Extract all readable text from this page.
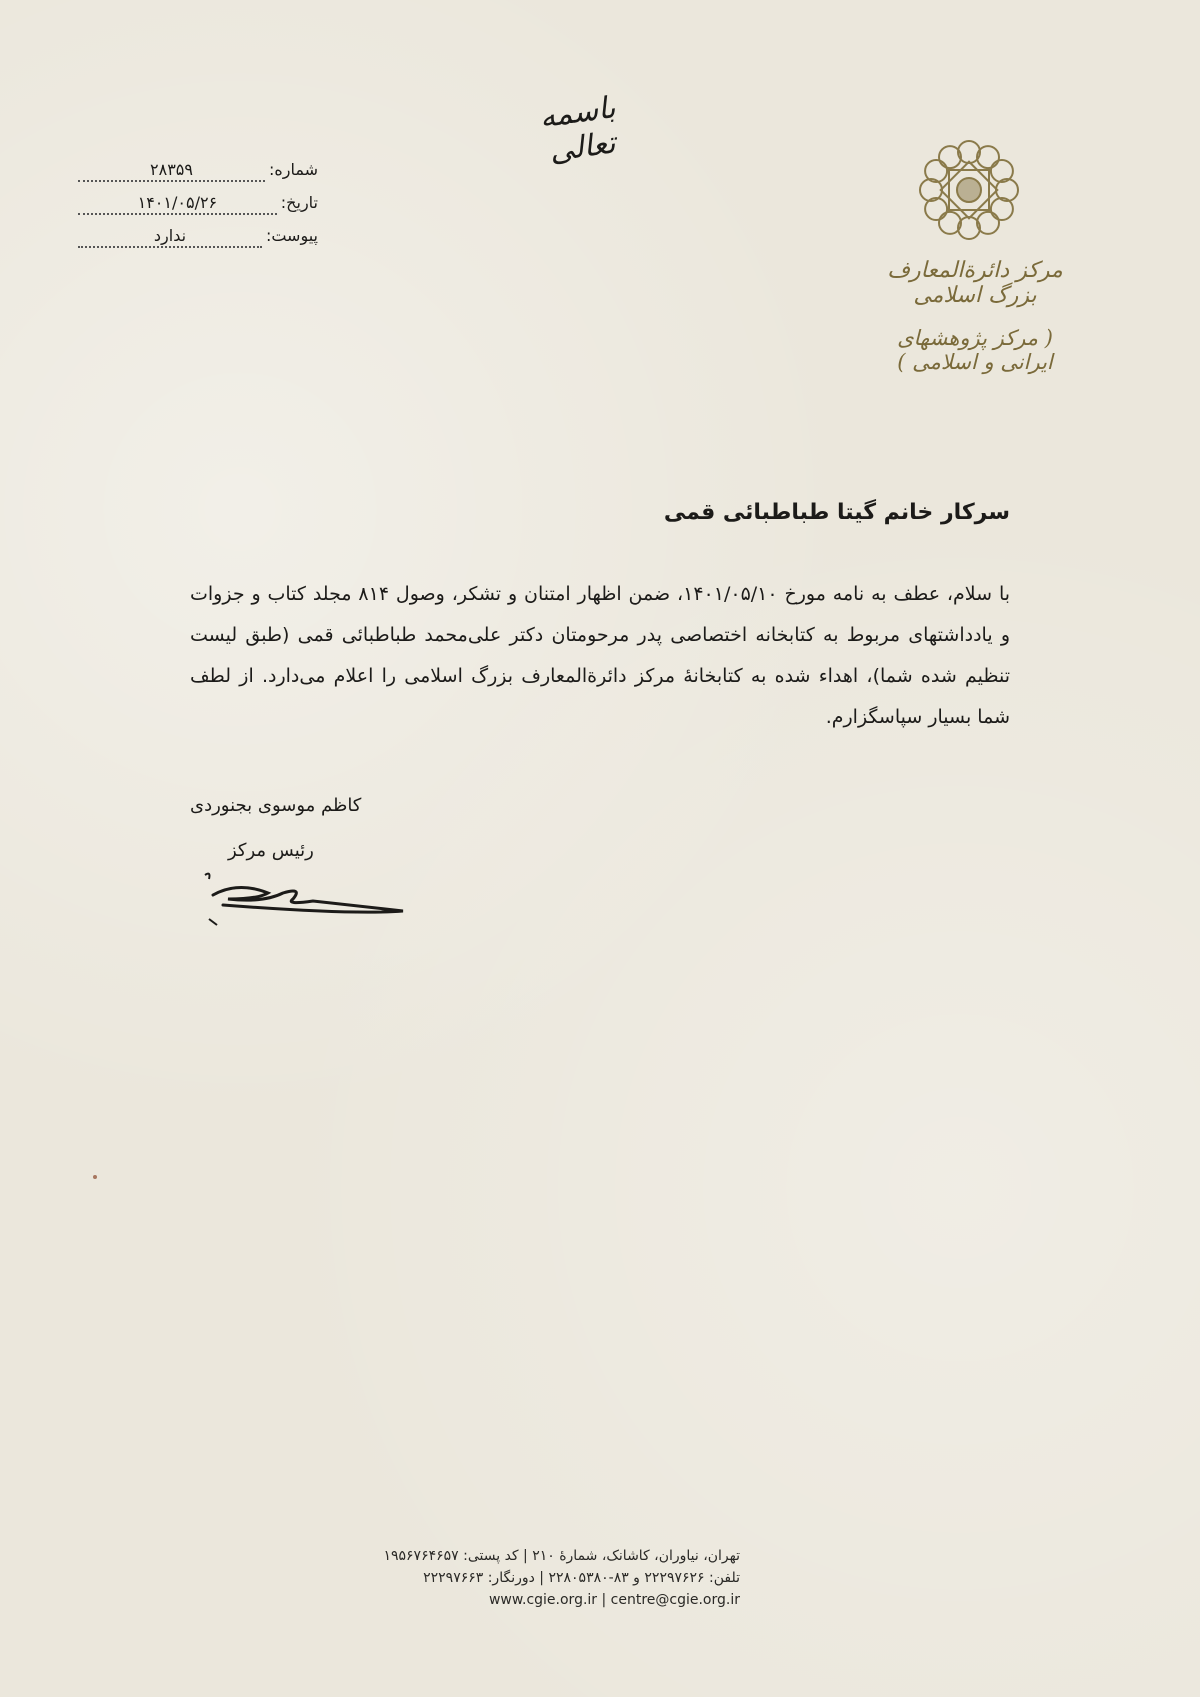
باسمه تعالی
شماره:
۲۸۳۵۹
تاریخ:
۱۴۰۱/۰۵/۲۶
پیوست:
ندارد
مرکز دائرة‌المعارف بزرگ اسلامی
( مرکز پژوهشهای ایرانی و اسلامی )
سرکار خانم گیتا طباطبائی قمی
با سلام، عطف به نامه مورخ ۱۴۰۱/۰۵/۱۰، ضمن اظهار امتنان و تشکر، وصول ۸۱۴ مجلد کتاب و جزوات و یادداشتهای مربوط به کتابخانه اختصاصی پدر مرحومتان دکتر علی‌محمد طباطبائی قمی (طبق لیست تنظیم شده شما)، اهداء شده به کتابخانهٔ مرکز دائرة‌المعارف بزرگ اسلامی را اعلام می‌دارد. از لطف شما بسیار سپاسگزارم.
کاظم موسوی بجنوردی
رئیس مرکز
تهران، نیاوران، کاشانک، شمارهٔ ۲۱۰ | کد پستی: ۱۹۵۶۷۶۴۶۵۷
تلفن: ۲۲۲۹۷۶۲۶ و ۸۳-۲۲۸۰۵۳۸۰ | دورنگار: ۲۲۲۹۷۶۶۳
www.cgie.org.ir | centre@cgie.org.ir
